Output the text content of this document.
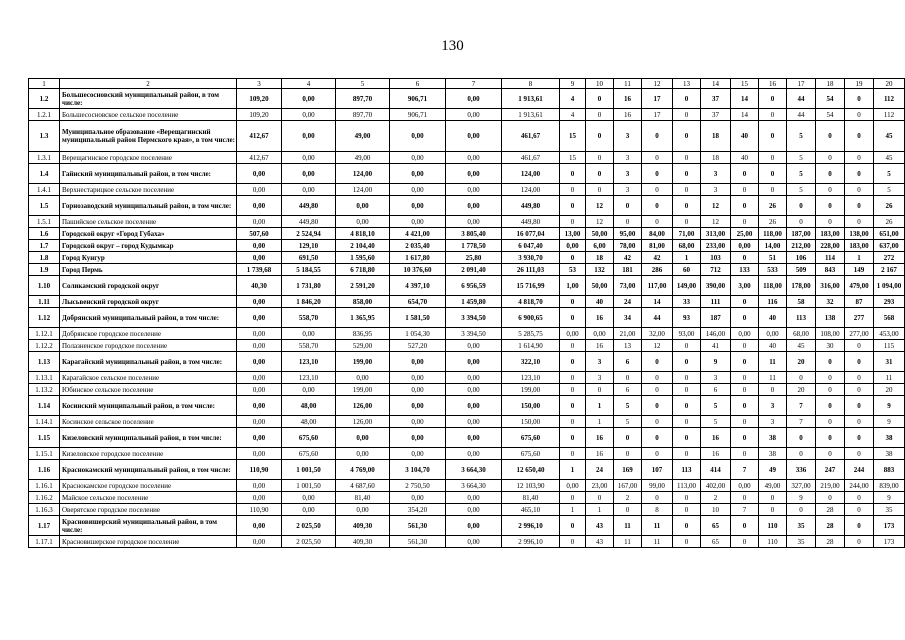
130
1	2	3	4	5	6	7	8	9	10	11	12	13	14	15	16	17	18	19	20
1.2	Большесосновский муниципальный район, в том числе:	109,20	0,00	897,70	906,71	0,00	1 913,61	4	0	16	17	0	37	14	0	44	54	0	112
1.2.1	Большесосновское сельское поселение	109,20	0,00	897,70	906,71	0,00	1 913,61	4	0	16	17	0	37	14	0	44	54	0	112
1.3	Муниципальное образование «Верещагинский муниципальный район Пермского края», в том числе:	412,67	0,00	49,00	0,00	0,00	461,67	15	0	3	0	0	18	40	0	5	0	0	45
1.3.1	Верещагинское городское поселение	412,67	0,00	49,00	0,00	0,00	461,67	15	0	3	0	0	18	40	0	5	0	0	45
1.4	Гайнский муниципальный район, в том числе:	0,00	0,00	124,00	0,00	0,00	124,00	0	0	3	0	0	3	0	0	5	0	0	5
1.4.1	Верхнестарицкое сельское поселение	0,00	0,00	124,00	0,00	0,00	124,00	0	0	3	0	0	3	0	0	5	0	0	5
1.5	Горнозаводский муниципальный район, в том числе:	0,00	449,80	0,00	0,00	0,00	449,80	0	12	0	0	0	12	0	26	0	0	0	26
1.5.1	Пашийское сельское поселение	0,00	449,80	0,00	0,00	0,00	449,80	0	12	0	0	0	12	0	26	0	0	0	26
1.6	Городской округ «Город Губаха»	507,60	2 524,94	4 818,10	4 421,00	3 805,40	16 077,04	13,00	50,00	95,00	84,00	71,00	313,00	25,00	118,00	187,00	183,00	138,00	651,00
1.7	Городской округ – город Кудымкар	0,00	129,10	2 104,40	2 035,40	1 778,50	6 047,40	0,00	6,00	78,00	81,00	68,00	233,00	0,00	14,00	212,00	228,00	183,00	637,00
1.8	Город Кунгур	0,00	691,50	1 595,60	1 617,80	25,80	3 930,70	0	18	42	42	1	103	0	51	106	114	1	272
1.9	Город Пермь	1 739,68	5 184,55	6 718,80	10 376,60	2 091,40	26 111,03	53	132	181	286	60	712	133	533	509	843	149	2 167
1.10	Соликамский городской округ	40,30	1 731,80	2 591,20	4 397,10	6 956,59	15 716,99	1,00	50,00	73,00	117,00	149,00	390,00	3,00	118,00	178,00	316,00	479,00	1 094,00
1.11	Лысьвенский городской округ	0,00	1 846,20	858,00	654,70	1 459,80	4 818,70	0	40	24	14	33	111	0	116	58	32	87	293
1.12	Добрянский муниципальный район, в том числе:	0,00	558,70	1 365,95	1 581,50	3 394,50	6 900,65	0	16	34	44	93	187	0	40	113	138	277	568
1.12.1	Добрянское городское поселение	0,00	0,00	836,95	1 054,30	3 394,50	5 285,75	0,00	0,00	21,00	32,00	93,00	146,00	0,00	0,00	68,00	108,00	277,00	453,00
1.12.2	Полазненское городское поселение	0,00	558,70	529,00	527,20	0,00	1 614,90	0	16	13	12	0	41	0	40	45	30	0	115
1.13	Карагайский муниципальный район, в том числе:	0,00	123,10	199,00	0,00	0,00	322,10	0	3	6	0	0	9	0	11	20	0	0	31
1.13.1	Карагайское сельское поселение	0,00	123,10	0,00	0,00	0,00	123,10	0	3	0	0	0	3	0	11	0	0	0	11
1.13.2	Юбинское сельское поселение	0,00	0,00	199,00	0,00	0,00	199,00	0	0	6	0	0	6	0	0	20	0	0	20
1.14	Косинский муниципальный район, в том числе:	0,00	48,00	126,00	0,00	0,00	150,00	0	1	5	0	0	5	0	3	7	0	0	9
1.14.1	Косинское сельское поселение	0,00	48,00	126,00	0,00	0,00	150,00	0	1	5	0	0	5	0	3	7	0	0	9
1.15	Кизеловский муниципальный район, в том числе:	0,00	675,60	0,00	0,00	0,00	675,60	0	16	0	0	0	16	0	38	0	0	0	38
1.15.1	Кизеловское городское поселение	0,00	675,60	0,00	0,00	0,00	675,60	0	16	0	0	0	16	0	38	0	0	0	38
1.16	Краснокамский муниципальный район, в том числе:	110,90	1 001,50	4 769,00	3 104,70	3 664,30	12 650,40	1	24	169	107	113	414	7	49	336	247	244	883
1.16.1	Краснокамское городское поселение	0,00	1 001,50	4 687,60	2 750,50	3 664,30	12 103,90	0,00	23,00	167,00	99,00	113,00	402,00	0,00	49,00	327,00	219,00	244,00	839,00
1.16.2	Майское сельское поселение	0,00	0,00	81,40	0,00	0,00	81,40	0	0	2	0	0	2	0	0	9	0	0	9
1.16.3	Оверятское городское поселение	110,90	0,00	0,00	354,20	0,00	465,10	1	1	0	8	0	10	7	0	0	28	0	35
1.17	Красновишерский муниципальный район, в том числе:	0,00	2 025,50	409,30	561,30	0,00	2 996,10	0	43	11	11	0	65	0	110	35	28	0	173
1.17.1	Красновишерское городское поселение	0,00	2 025,50	409,30	561,30	0,00	2 996,10	0	43	11	11	0	65	0	110	35	28	0	173
